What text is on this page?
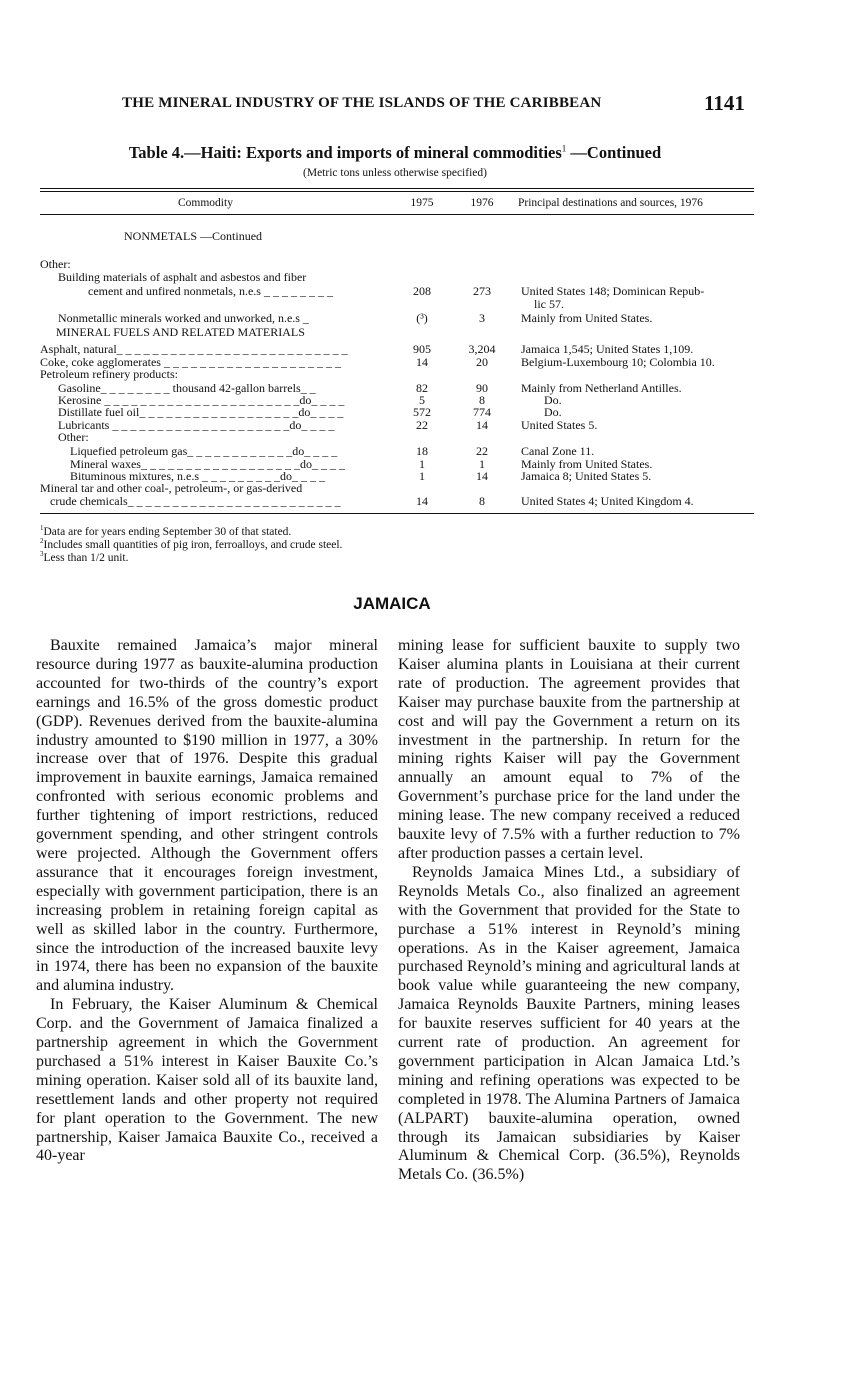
THE MINERAL INDUSTRY OF THE ISLANDS OF THE CARIBBEAN	1141
Table 4.—Haiti: Exports and imports of mineral commodities$^1$ —Continued
(Metric tons unless otherwise specified)
Commodity	1975	1976	Principal destinations and sources, 1976
NONMETALS —Continued
Other:
Building materials of asphalt and asbestos and fiber
cement and unfired nonmetals, n.e.s _ _ _ _ _ _ _ _	208	273	United States 148; Dominican Repub-
lic 57.
Nonmetallic minerals worked and unworked, n.e.s _	(³)	3	Mainly from United States.
MINERAL FUELS AND RELATED MATERIALS
Asphalt, natural_ _ _ _ _ _ _ _ _ _ _ _ _ _ _ _ _ _ _ _ _ _ _ _ _ _	905	3,204	Jamaica 1,545; United States 1,109.
Coke, coke agglomerates _ _ _ _ _ _ _ _ _ _ _ _ _ _ _ _ _ _ _ _	14	20	Belgium-Luxembourg 10; Colombia 10.
Petroleum refinery products:
Gasoline_ _ _ _ _ _ _ _ thousand 42-gallon barrels_ _	82	90	Mainly from Netherland Antilles.
Kerosine _ _ _ _ _ _ _ _ _ _ _ _ _ _ _ _ _ _ _ _ _ _do_ _ _ _	5	8	Do.
Distillate fuel oil_ _ _ _ _ _ _ _ _ _ _ _ _ _ _ _ _ _do_ _ _ _	572	774	Do.
Lubricants _ _ _ _ _ _ _ _ _ _ _ _ _ _ _ _ _ _ _ _do_ _ _ _	22	14	United States 5.
Other:
Liquefied petroleum gas_ _ _ _ _ _ _ _ _ _ _ _do_ _ _ _	18	22	Canal Zone 11.
Mineral waxes_ _ _ _ _ _ _ _ _ _ _ _ _ _ _ _ _ _do_ _ _ _	1	1	Mainly from United States.
Bituminous mixtures, n.e.s _ _ _ _ _ _ _ _ _do_ _ _ _	1	14	Jamaica 8; United States 5.
Mineral tar and other coal-, petroleum-, or gas-derived
crude chemicals_ _ _ _ _ _ _ _ _ _ _ _ _ _ _ _ _ _ _ _ _ _ _ _	14	8	United States 4; United Kingdom 4.
$^1$Data are for years ending September 30 of that stated.
$^2$Includes small quantities of pig iron, ferroalloys, and crude steel.
$^3$Less than 1/2 unit.
JAMAICA

Bauxite remained Jamaica’s major mineral resource during 1977 as bauxite-alumina production accounted for two-thirds of the country’s export earnings and 16.5% of the gross domestic product (GDP). Revenues derived from the bauxite-alumina industry amounted to $190 million in 1977, a 30% increase over that of 1976. Despite this gradual improvement in bauxite earnings, Jamaica remained confronted with serious economic problems and further tightening of import restrictions, reduced government spending, and other stringent controls were projected. Although the Government offers assurance that it encourages foreign investment, especially with government participation, there is an increasing problem in retaining foreign capital as well as skilled labor in the country. Furthermore, since the introduction of the increased bauxite levy in 1974, there has been no expansion of the bauxite and alumina industry.

In February, the Kaiser Aluminum & Chemical Corp. and the Government of Jamaica finalized a partnership agreement in which the Government purchased a 51% interest in Kaiser Bauxite Co.’s mining operation. Kaiser sold all of its bauxite land, resettlement lands and other property not required for plant operation to the Government. The new partnership, Kaiser Jamaica Bauxite Co., received a 40-year

mining lease for sufficient bauxite to supply two Kaiser alumina plants in Louisiana at their current rate of production. The agreement provides that Kaiser may purchase bauxite from the partnership at cost and will pay the Government a return on its investment in the partnership. In return for the mining rights Kaiser will pay the Government annually an amount equal to 7% of the Government’s purchase price for the land under the mining lease. The new company received a reduced bauxite levy of 7.5% with a further reduction to 7% after production passes a certain level.

Reynolds Jamaica Mines Ltd., a subsidiary of Reynolds Metals Co., also finalized an agreement with the Government that provided for the State to purchase a 51% interest in Reynold’s mining operations. As in the Kaiser agreement, Jamaica purchased Reynold’s mining and agricultural lands at book value while guaranteeing the new company, Jamaica Reynolds Bauxite Partners, mining leases for bauxite reserves sufficient for 40 years at the current rate of production. An agreement for government participation in Alcan Jamaica Ltd.’s mining and refining operations was expected to be completed in 1978. The Alumina Partners of Jamaica (ALPART) bauxite-alumina operation, owned through its Jamaican subsidiaries by Kaiser Aluminum & Chemical Corp. (36.5%), Reynolds Metals Co. (36.5%)
